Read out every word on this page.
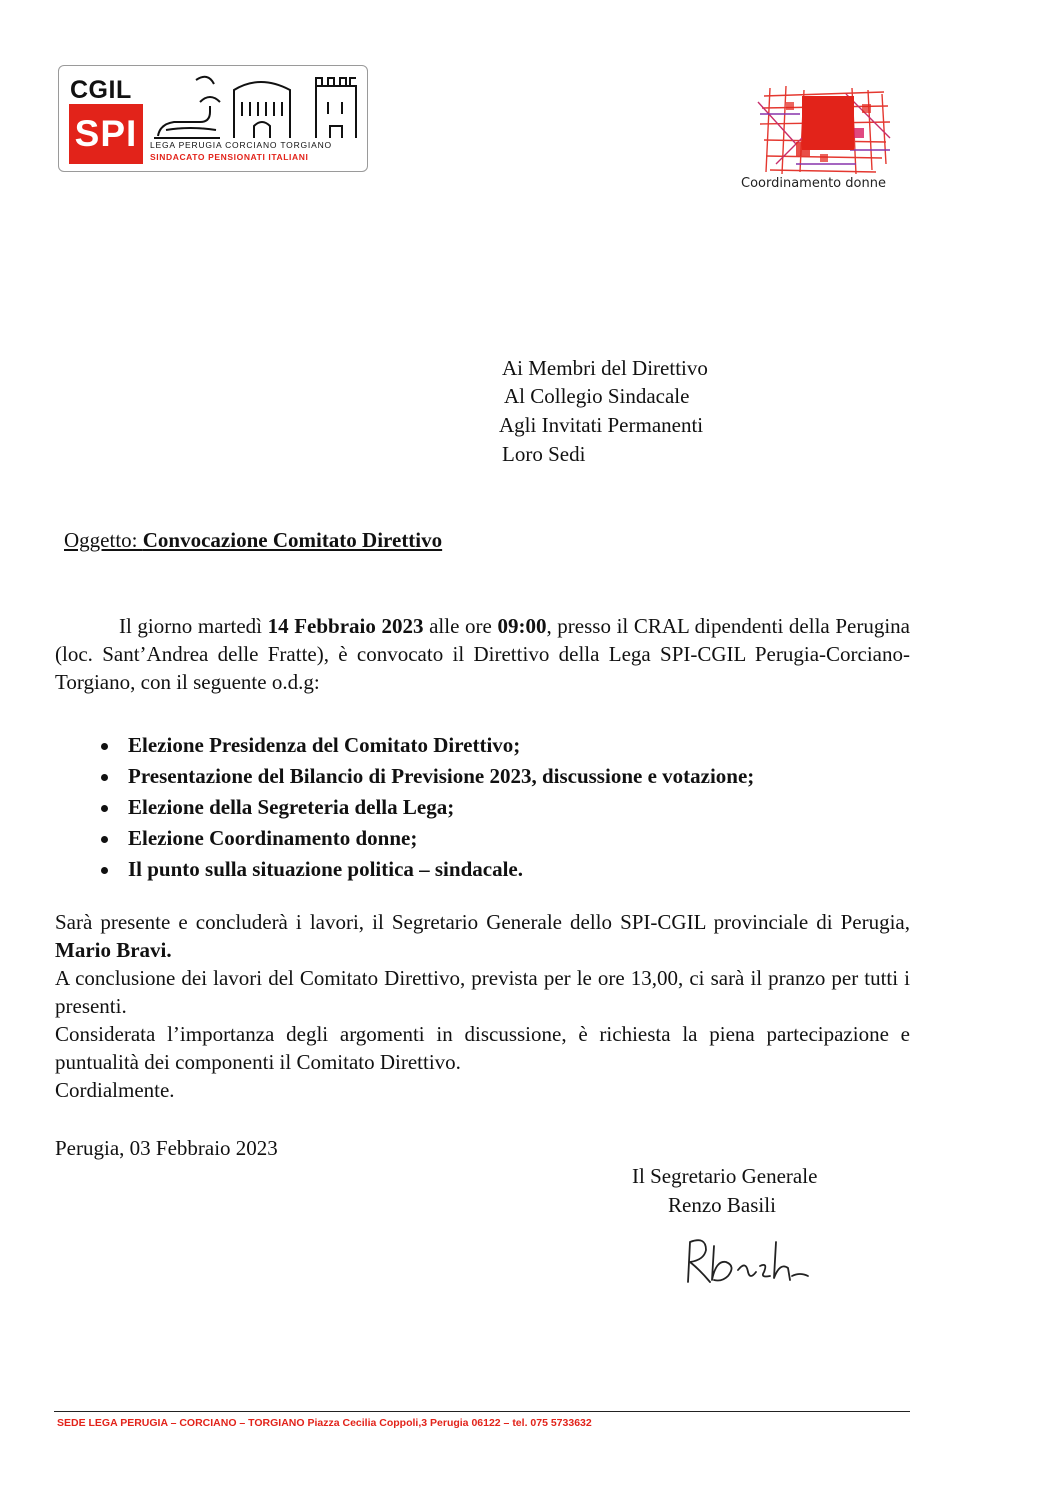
CGIL
SPI	LEGA PERUGIA CORCIANO TORGIANO
SINDACATO PENSIONATI ITALIANI
Coordinamento donne
Ai Membri del Direttivo
Al Collegio Sindacale
Agli Invitati Permanenti
Loro Sedi
Oggetto: Convocazione Comitato Direttivo

Il giorno martedì 14 Febbraio 2023 alle ore 09:00, presso il CRAL dipendenti della Perugina (loc. Sant’Andrea delle Fratte), è convocato il Direttivo della Lega SPI-CGIL Perugia-Corciano-Torgiano, con il seguente o.d.g:

Elezione Presidenza del Comitato Direttivo;
Presentazione del Bilancio di Previsione 2023, discussione e votazione;
Elezione della Segreteria della Lega;
Elezione Coordinamento donne;
Il punto sulla situazione politica – sindacale.

Sarà presente e concluderà i lavori, il Segretario Generale dello SPI-CGIL provinciale di Perugia, Mario Bravi.

A conclusione dei lavori del Comitato Direttivo, prevista per le ore 13,00, ci sarà il pranzo per tutti i presenti.

Considerata l’importanza degli argomenti in discussione, è richiesta la piena partecipazione e puntualità dei componenti il Comitato Direttivo.

Cordialmente.

Perugia, 03 Febbraio 2023
Il Segretario Generale
Renzo Basili
SEDE LEGA PERUGIA – CORCIANO – TORGIANO Piazza Cecilia Coppoli,3 Perugia 06122 – tel. 075 5733632
